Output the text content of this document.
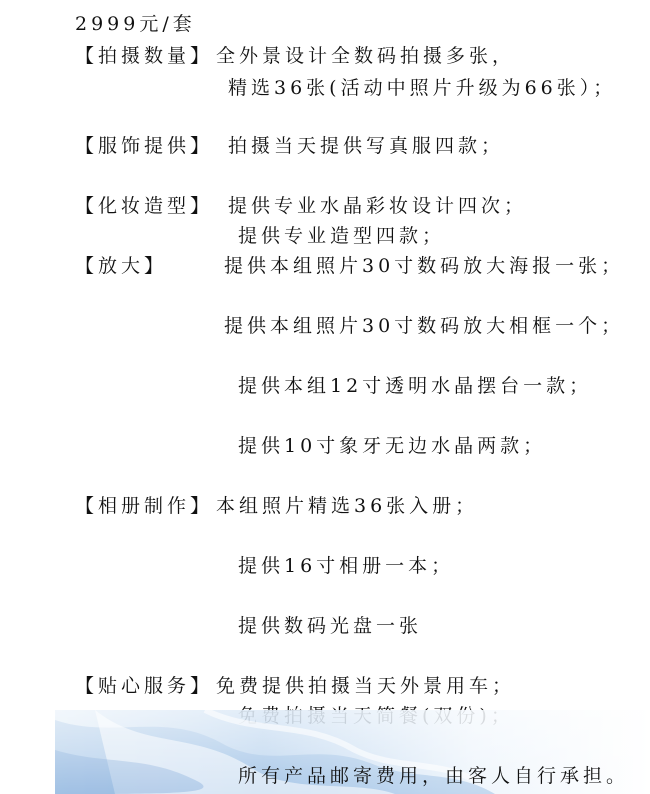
2999元/套
【拍摄数量】 全外景设计全数码拍摄多张，
精选36张(活动中照片升级为66张）；
【服饰提供】 拍摄当天提供写真服四款；
【化妆造型】 提供专业水晶彩妆设计四次；
提供专业造型四款；
【放大】	提供本组照片30寸数码放大海报一张；
提供本组照片30寸数码放大相框一个；
提供本组12寸透明水晶摆台一款；
提供10寸象牙无边水晶两款；
【相册制作】 本组照片精选36张入册；
提供16寸相册一本；
提供数码光盘一张
【贴心服务】 免费提供拍摄当天外景用车；
所有产品邮寄费用，由客人自行承担。
